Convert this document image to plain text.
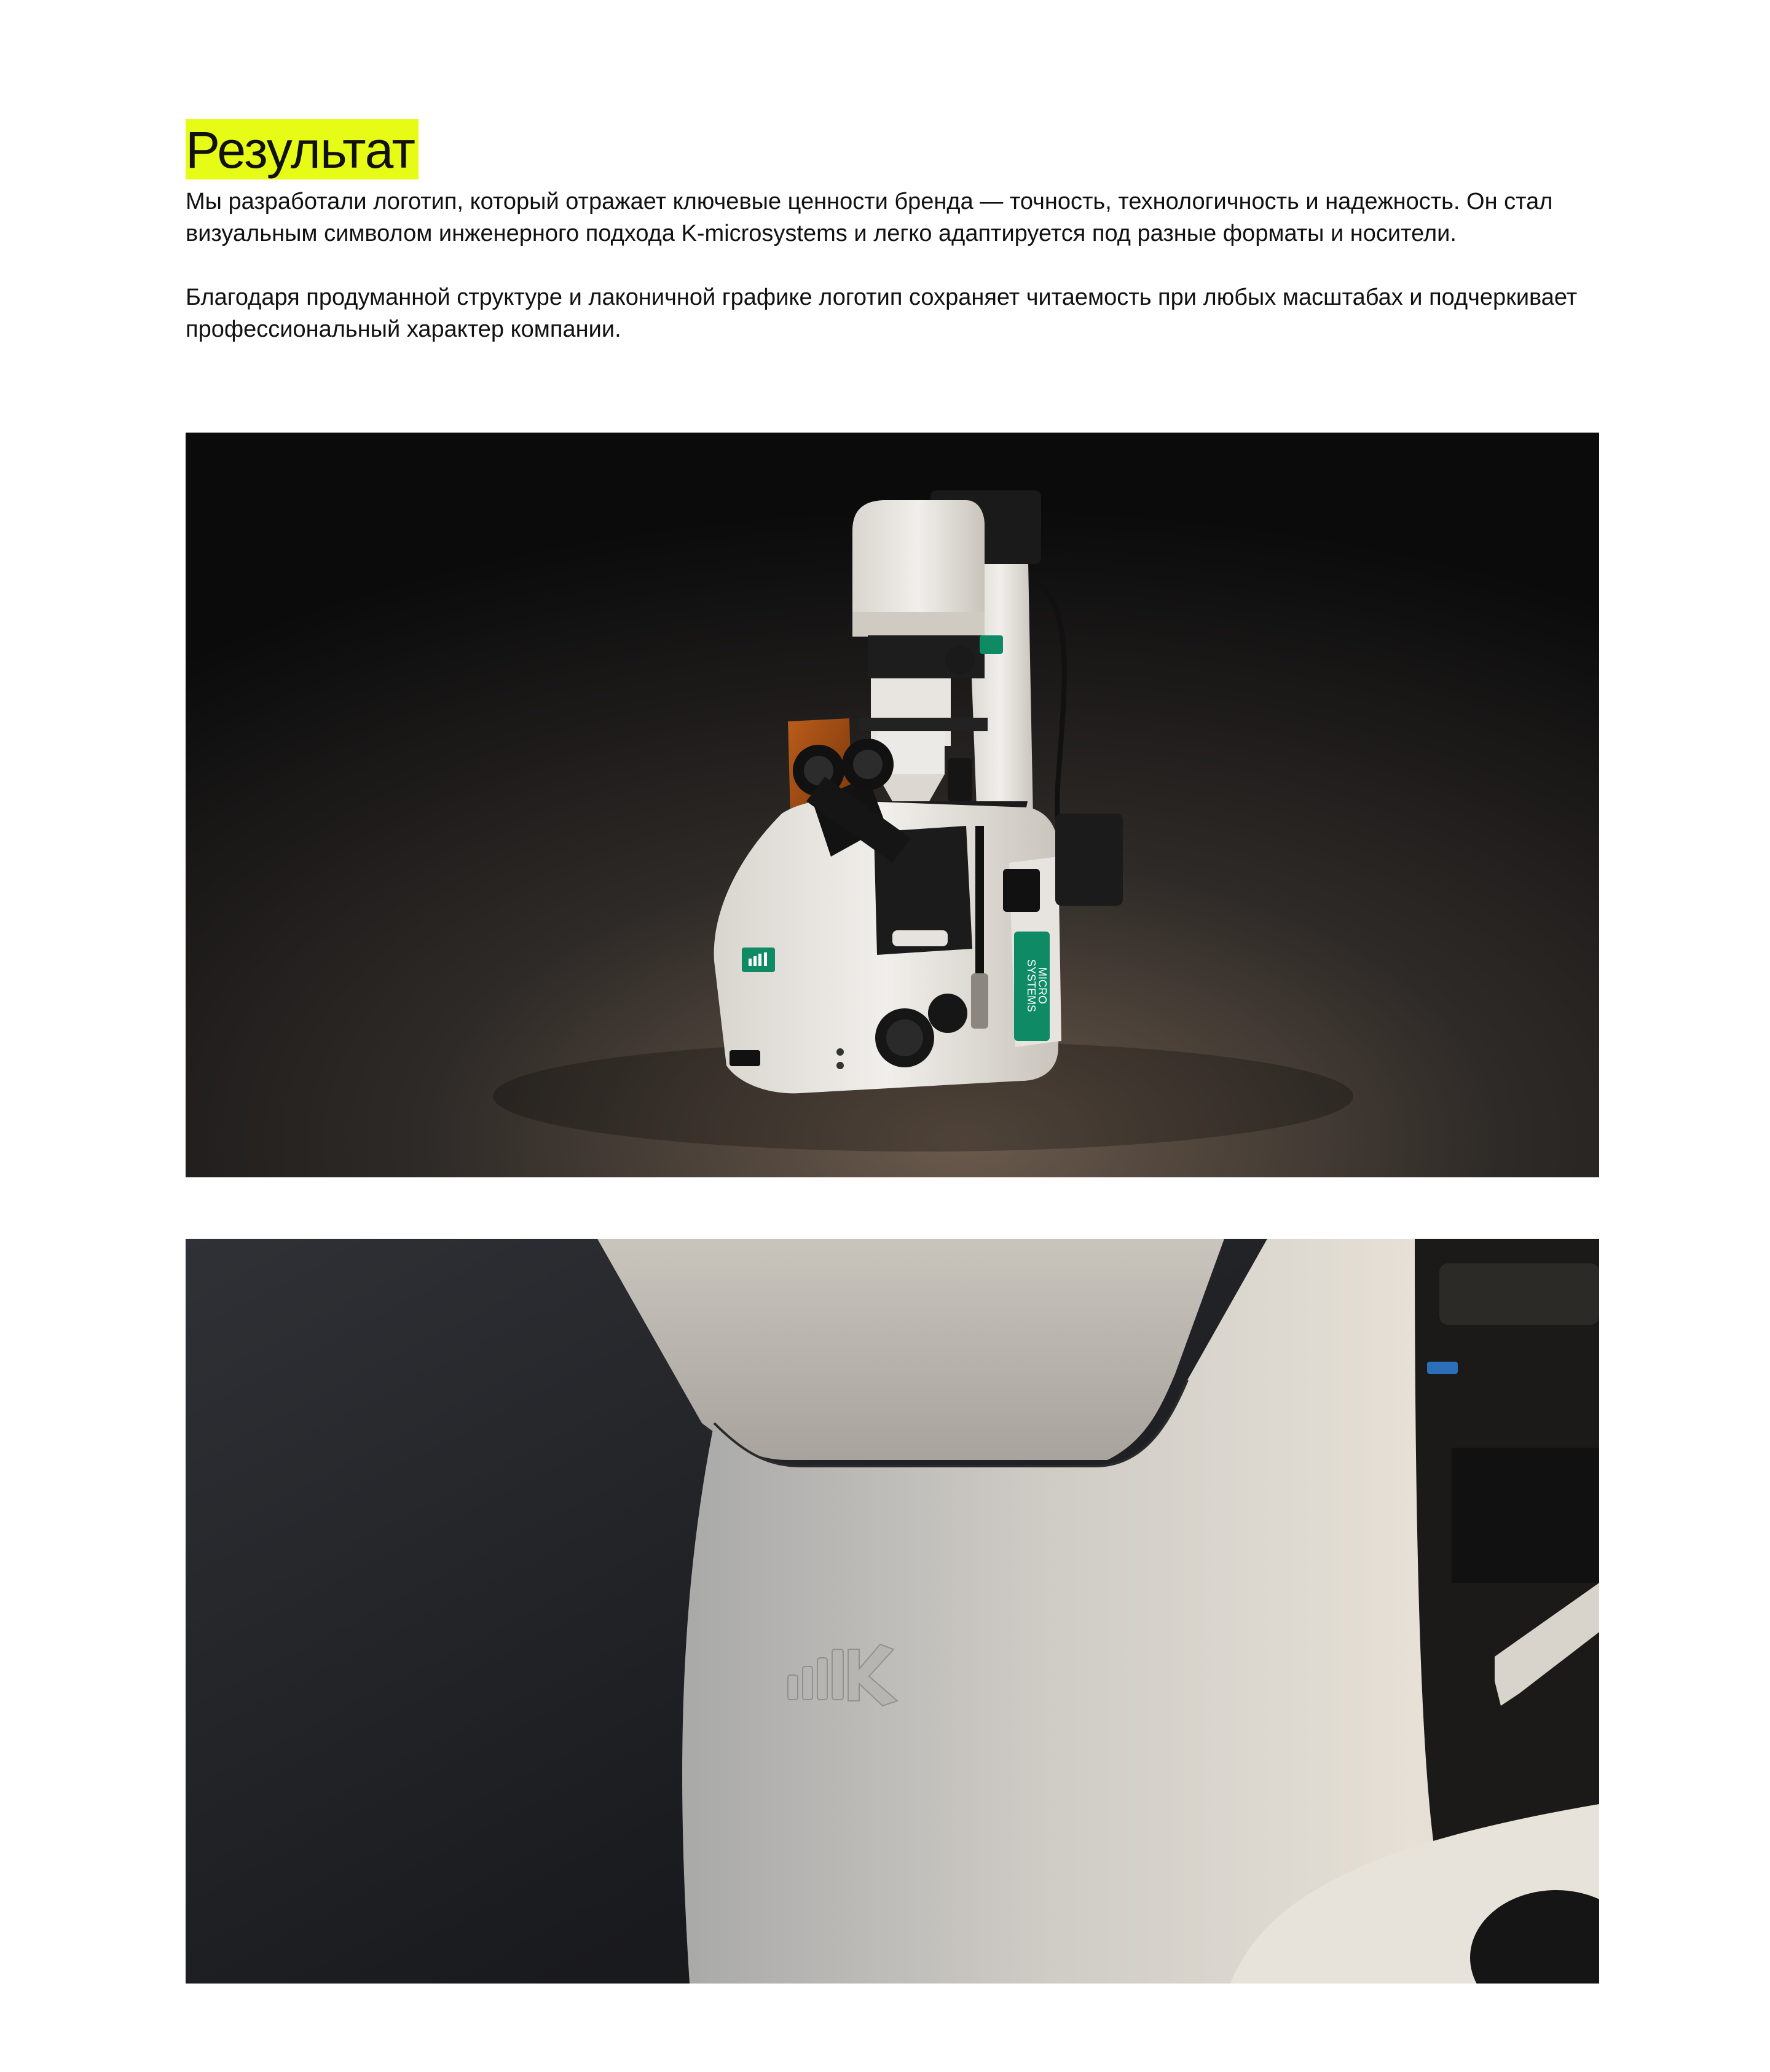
Результат

Мы разработали логотип, который отражает ключевые ценности бренда — точность, технологичность и надежность. Он стал визуальным символом инженерного подхода K-microsystems и легко адаптируется под разные форматы и носители.

Благодаря продуманной структуре и лаконичной графике логотип сохраняет читаемость при любых масштабах и подчеркивает профессиональный характер компании.

MICRO
SYSTEMS
